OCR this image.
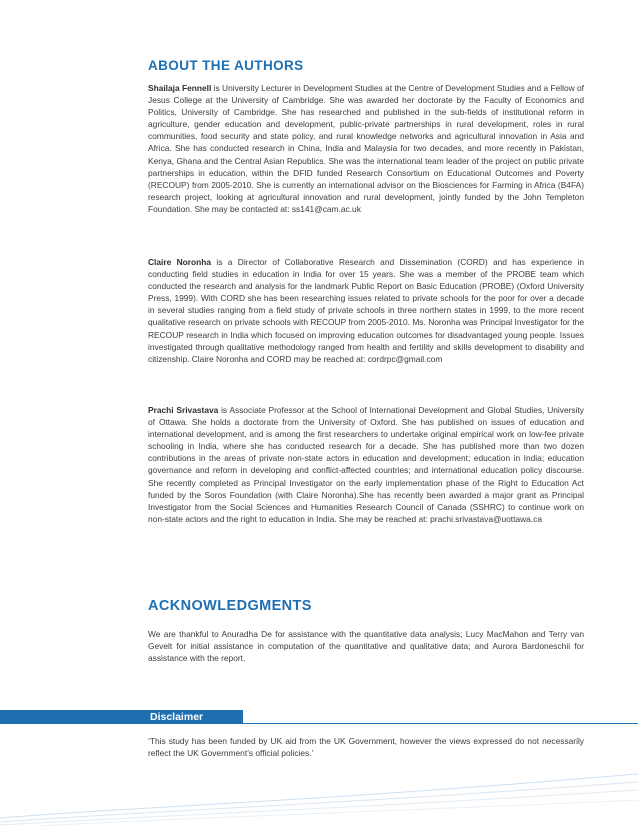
ABOUT THE AUTHORS

Shailaja Fennell is University Lecturer in Development Studies at the Centre of Development Studies and a Fellow of Jesus College at the University of Cambridge. She was awarded her doctorate by the Faculty of Economics and Politics, University of Cambridge. She has researched and published in the sub-fields of institutional reform in agriculture, gender education and development, public-private partnerships in rural development, roles in rural communities, food security and state policy, and rural knowledge networks and agricultural innovation in Asia and Africa. She has conducted research in China, India and Malaysia for two decades, and more recently in Pakistan, Kenya, Ghana and the Central Asian Republics. She was the international team leader of the project on public private partnerships in education, within the DFID funded Research Consortium on Educational Outcomes and Poverty (RECOUP) from 2005-2010. She is currently an international advisor on the Biosciences for Farming in Africa (B4FA) research project, looking at agricultural innovation and rural development, jointly funded by the John Templeton Foundation. She may be contacted at: ss141@cam.ac.uk

Claire Noronha is a Director of Collaborative Research and Dissemination (CORD) and has experience in conducting field studies in education in India for over 15 years. She was a member of the PROBE team which conducted the research and analysis for the landmark Public Report on Basic Education (PROBE) (Oxford University Press, 1999). With CORD she has been researching issues related to private schools for the poor for over a decade in several studies ranging from a field study of private schools in three northern states in 1999, to the more recent qualitative research on private schools with RECOUP from 2005-2010. Ms. Noronha was Principal Investigator for the RECOUP research in India which focused on improving education outcomes for disadvantaged young people. Issues investigated through qualitative methodology ranged from health and fertility and skills development to disability and citizenship. Claire Noronha and CORD may be reached at: cordrpc@gmail.com

Prachi Srivastava is Associate Professor at the School of International Development and Global Studies, University of Ottawa. She holds a doctorate from the University of Oxford. She has published on issues of education and international development, and is among the first researchers to undertake original empirical work on low-fee private schooling in India, where she has conducted research for a decade. She has published more than two dozen contributions in the areas of private non-state actors in education and development; education in India; education governance and reform in developing and conflict-affected countries; and international education policy discourse. She recently completed as Principal Investigator on the early implementation phase of the Right to Education Act funded by the Soros Foundation (with Claire Noronha).She has recently been awarded a major grant as Principal Investigator from the Social Sciences and Humanities Research Council of Canada (SSHRC) to continue work on non-state actors and the right to education in India. She may be reached at: prachi.srivastava@uottawa.ca

ACKNOWLEDGMENTS

We are thankful to Anuradha De for assistance with the quantitative data analysis; Lucy MacMahon and Terry van Gevelt for initial assistance in computation of the quantitative and qualitative data; and Aurora Bardoneschii for assistance with the report.

‘This study has been funded by UK aid from the UK Government, however the views expressed do not necessarily reflect the UK Government’s official policies.’

Disclaimer
